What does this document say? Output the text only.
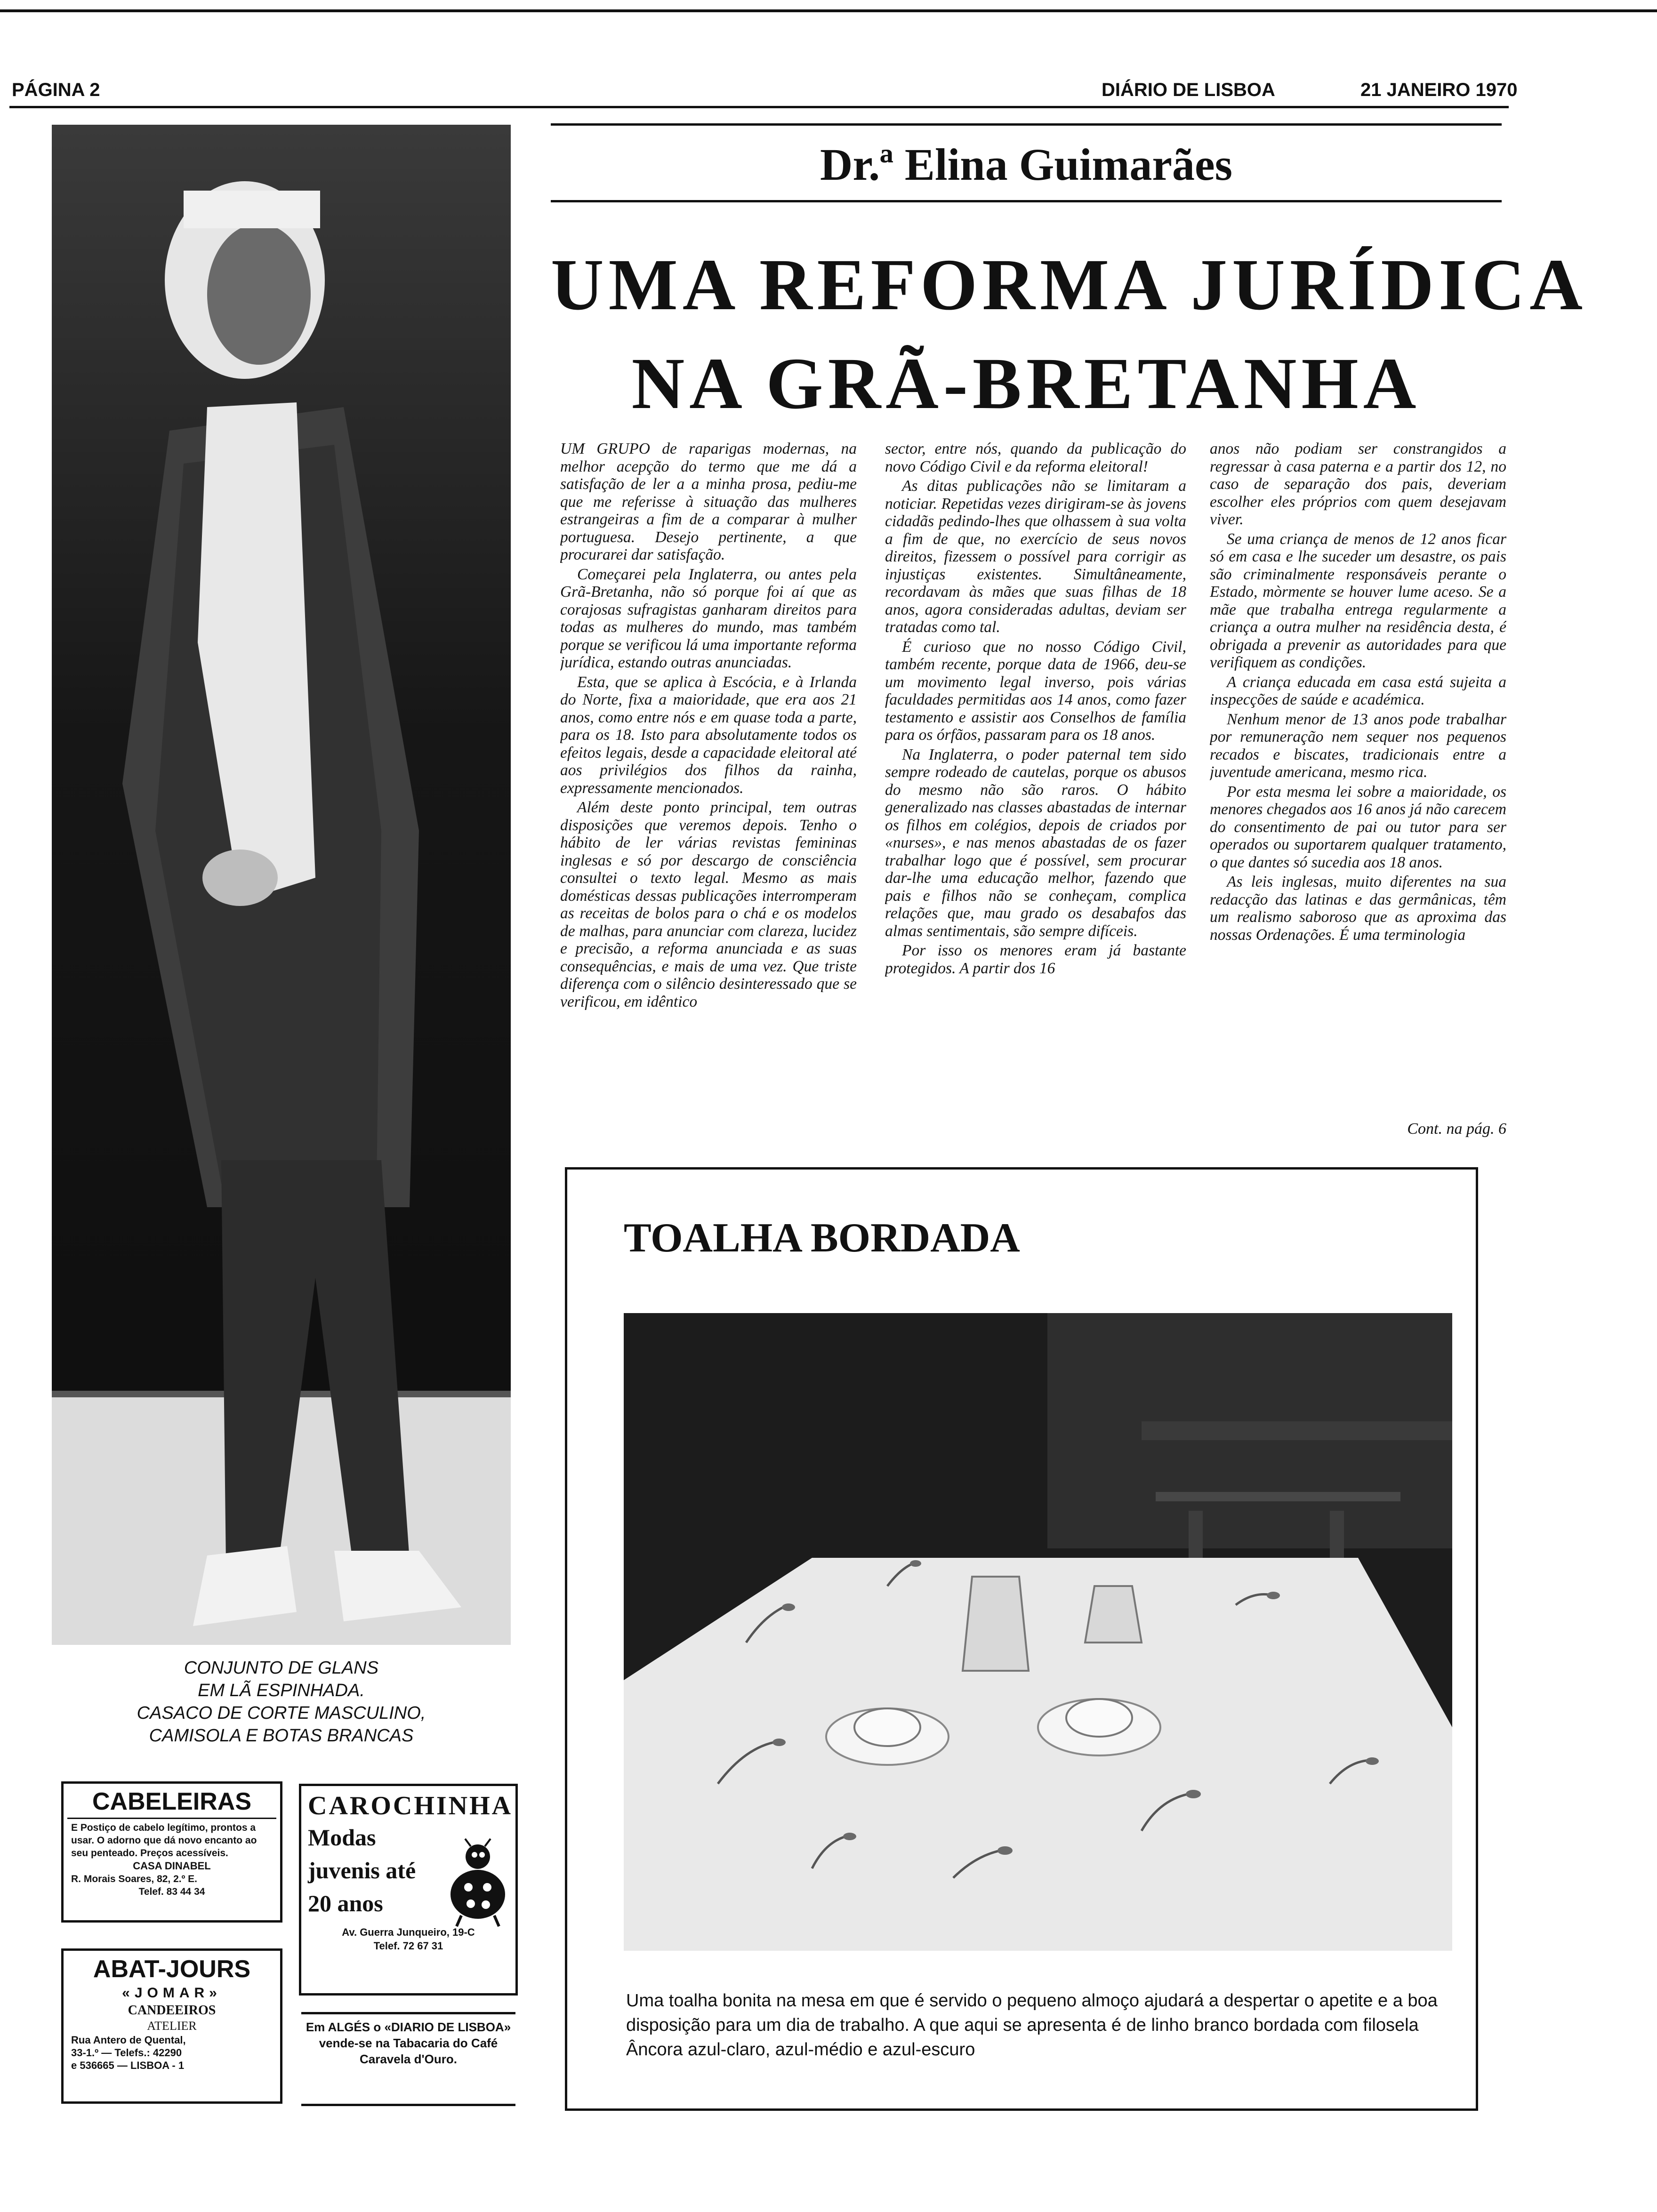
PÁGINA 2	DIÁRIO DE LISBOA	21 JANEIRO 1970
CONJUNTO DE GLANS
EM LÃ ESPINHADA.
CASACO DE CORTE MASCULINO,
CAMISOLA E BOTAS BRANCAS
CABELEIRAS
E Postiço de cabelo legítimo, prontos a usar. O adorno que dá novo encanto ao seu penteado. Preços acessíveis.
CASA DINABEL
R. Morais Soares, 82, 2.º E.
Telef. 83 44 34
ABAT-JOURS
«JOMAR»
CANDEEIROS
ATELIER
Rua Antero de Quental,
33-1.º — Telefs.: 42290
e 536665 — LISBOA - 1
CAROCHINHA
Modas
juvenis até
20 anos
Av. Guerra Junqueiro, 19-C
Telef. 72 67 31
Em ALGÉS o «DIARIO DE LISBOA» vende-se na Tabacaria do Café Caravela d'Ouro.
Dr.ª Elina Guimarães
UMA REFORMA JURÍDICA
NA GRÃ-BRETANHA

UM GRUPO de raparigas modernas, na melhor acepção do termo que me dá a satisfação de ler a a minha prosa, pediu-me que me referisse à situação das mulheres estrangeiras a fim de a comparar à mulher portuguesa. Desejo pertinente, a que procurarei dar satisfação.

Começarei pela Inglaterra, ou antes pela Grã-Bretanha, não só porque foi aí que as corajosas sufragistas ganharam direitos para todas as mulheres do mundo, mas também porque se verificou lá uma importante reforma jurídica, estando outras anunciadas.

Esta, que se aplica à Escócia, e à Irlanda do Norte, fixa a maioridade, que era aos 21 anos, como entre nós e em quase toda a parte, para os 18. Isto para absolutamente todos os efeitos legais, desde a capacidade eleitoral até aos privilégios dos filhos da rainha, expressamente mencionados.

Além deste ponto principal, tem outras disposições que veremos depois. Tenho o hábito de ler várias revistas femininas inglesas e só por descargo de consciência consultei o texto legal. Mesmo as mais domésticas dessas publicações interromperam as receitas de bolos para o chá e os modelos de malhas, para anunciar com clareza, lucidez e precisão, a reforma anunciada e as suas consequências, e mais de uma vez. Que triste diferença com o silêncio desinteressado que se verificou, em idêntico

sector, entre nós, quando da publicação do novo Código Civil e da reforma eleitoral!

As ditas publicações não se limitaram a noticiar. Repetidas vezes dirigiram-se às jovens cidadãs pedindo-lhes que olhassem à sua volta a fim de que, no exercício de seus novos direitos, fizessem o possível para corrigir as injustiças existentes. Simultâneamente, recordavam às mães que suas filhas de 18 anos, agora consideradas adultas, deviam ser tratadas como tal.

É curioso que no nosso Código Civil, também recente, porque data de 1966, deu-se um movimento legal inverso, pois várias faculdades permitidas aos 14 anos, como fazer testamento e assistir aos Conselhos de família para os órfãos, passaram para os 18 anos.

Na Inglaterra, o poder paternal tem sido sempre rodeado de cautelas, porque os abusos do mesmo não são raros. O hábito generalizado nas classes abastadas de internar os filhos em colégios, depois de criados por «nurses», e nas menos abastadas de os fazer trabalhar logo que é possível, sem procurar dar-lhe uma educação melhor, fazendo que pais e filhos não se conheçam, complica relações que, mau grado os desabafos das almas sentimentais, são sempre difíceis.

Por isso os menores eram já bastante protegidos. A partir dos 16

anos não podiam ser constrangidos a regressar à casa paterna e a partir dos 12, no caso de separação dos pais, deveriam escolher eles próprios com quem desejavam viver.

Se uma criança de menos de 12 anos ficar só em casa e lhe suceder um desastre, os pais são criminalmente responsáveis perante o Estado, mòrmente se houver lume aceso. Se a mãe que trabalha entrega regularmente a criança a outra mulher na residência desta, é obrigada a prevenir as autoridades para que verifiquem as condições.

A criança educada em casa está sujeita a inspecções de saúde e académica.

Nenhum menor de 13 anos pode trabalhar por remuneração nem sequer nos pequenos recados e biscates, tradicionais entre a juventude americana, mesmo rica.

Por esta mesma lei sobre a maioridade, os menores chegados aos 16 anos já não carecem do consentimento de pai ou tutor para ser operados ou suportarem qualquer tratamento, o que dantes só sucedia aos 18 anos.

As leis inglesas, muito diferentes na sua redacção das latinas e das germânicas, têm um realismo saboroso que as aproxima das nossas Ordenações. É uma terminologia

Cont. na pág. 6
TOALHA BORDADA
Uma toalha bonita na mesa em que é servido o pequeno almoço ajudará a despertar o apetite e a boa disposição para um dia de trabalho. A que aqui se apresenta é de linho branco bordada com filosela Âncora azul-claro, azul-médio e azul-escuro
